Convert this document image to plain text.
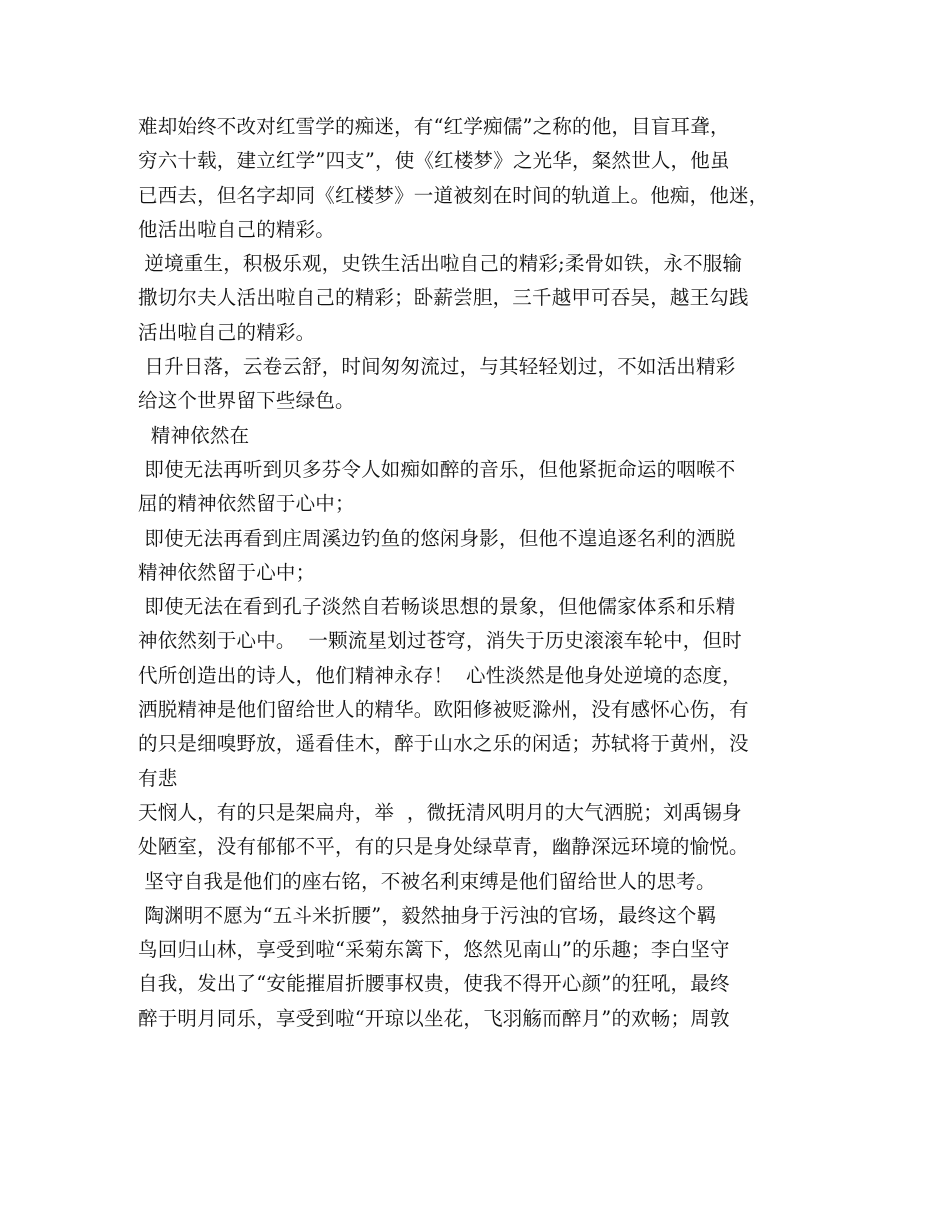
难却始终不改对红雪学的痴迷，有“红学痴儒”之称的他，目盲耳聋，
穷六十载，建立红学”四支”，使《红楼梦》之光华，粲然世人，他虽
已西去，但名字却同《红楼梦》一道被刻在时间的轨道上。他痴，他迷，
他活出啦自己的精彩。
逆境重生，积极乐观，史铁生活出啦自己的精彩;柔骨如铁，永不服输
撒切尔夫人活出啦自己的精彩；卧薪尝胆，三千越甲可吞吴，越王勾践
活出啦自己的精彩。
日升日落，云卷云舒，时间匆匆流过，与其轻轻划过，不如活出精彩
给这个世界留下些绿色。
精神依然在
即使无法再听到贝多芬令人如痴如醉的音乐，但他紧扼命运的咽喉不
屈的精神依然留于心中；
即使无法再看到庄周溪边钓鱼的悠闲身影，但他不遑追逐名利的洒脱
精神依然留于心中；
即使无法在看到孔子淡然自若畅谈思想的景象，但他儒家体系和乐精
神依然刻于心中。  一颗流星划过苍穹，消失于历史滚滚车轮中，但时
代所创造出的诗人，他们精神永存！  心性淡然是他身处逆境的态度，
洒脱精神是他们留给世人的精华。欧阳修被贬滁州，没有感怀心伤，有
的只是细嗅野放，遥看佳木，醉于山水之乐的闲适；苏轼将于黄州，没
有悲
天悯人，有的只是架扁舟，举  ，微抚清风明月的大气洒脱；刘禹锡身
处陋室，没有郁郁不平，有的只是身处绿草青，幽静深远环境的愉悦。
坚守自我是他们的座右铭，不被名利束缚是他们留给世人的思考。
陶渊明不愿为“五斗米折腰”，毅然抽身于污浊的官场，最终这个羁
鸟回归山林，享受到啦“采菊东篱下，悠然见南山”的乐趣；李白坚守
自我，发出了“安能摧眉折腰事权贵，使我不得开心颜”的狂吼，最终
醉于明月同乐，享受到啦“开琼以坐花，飞羽觞而醉月”的欢畅；周敦
